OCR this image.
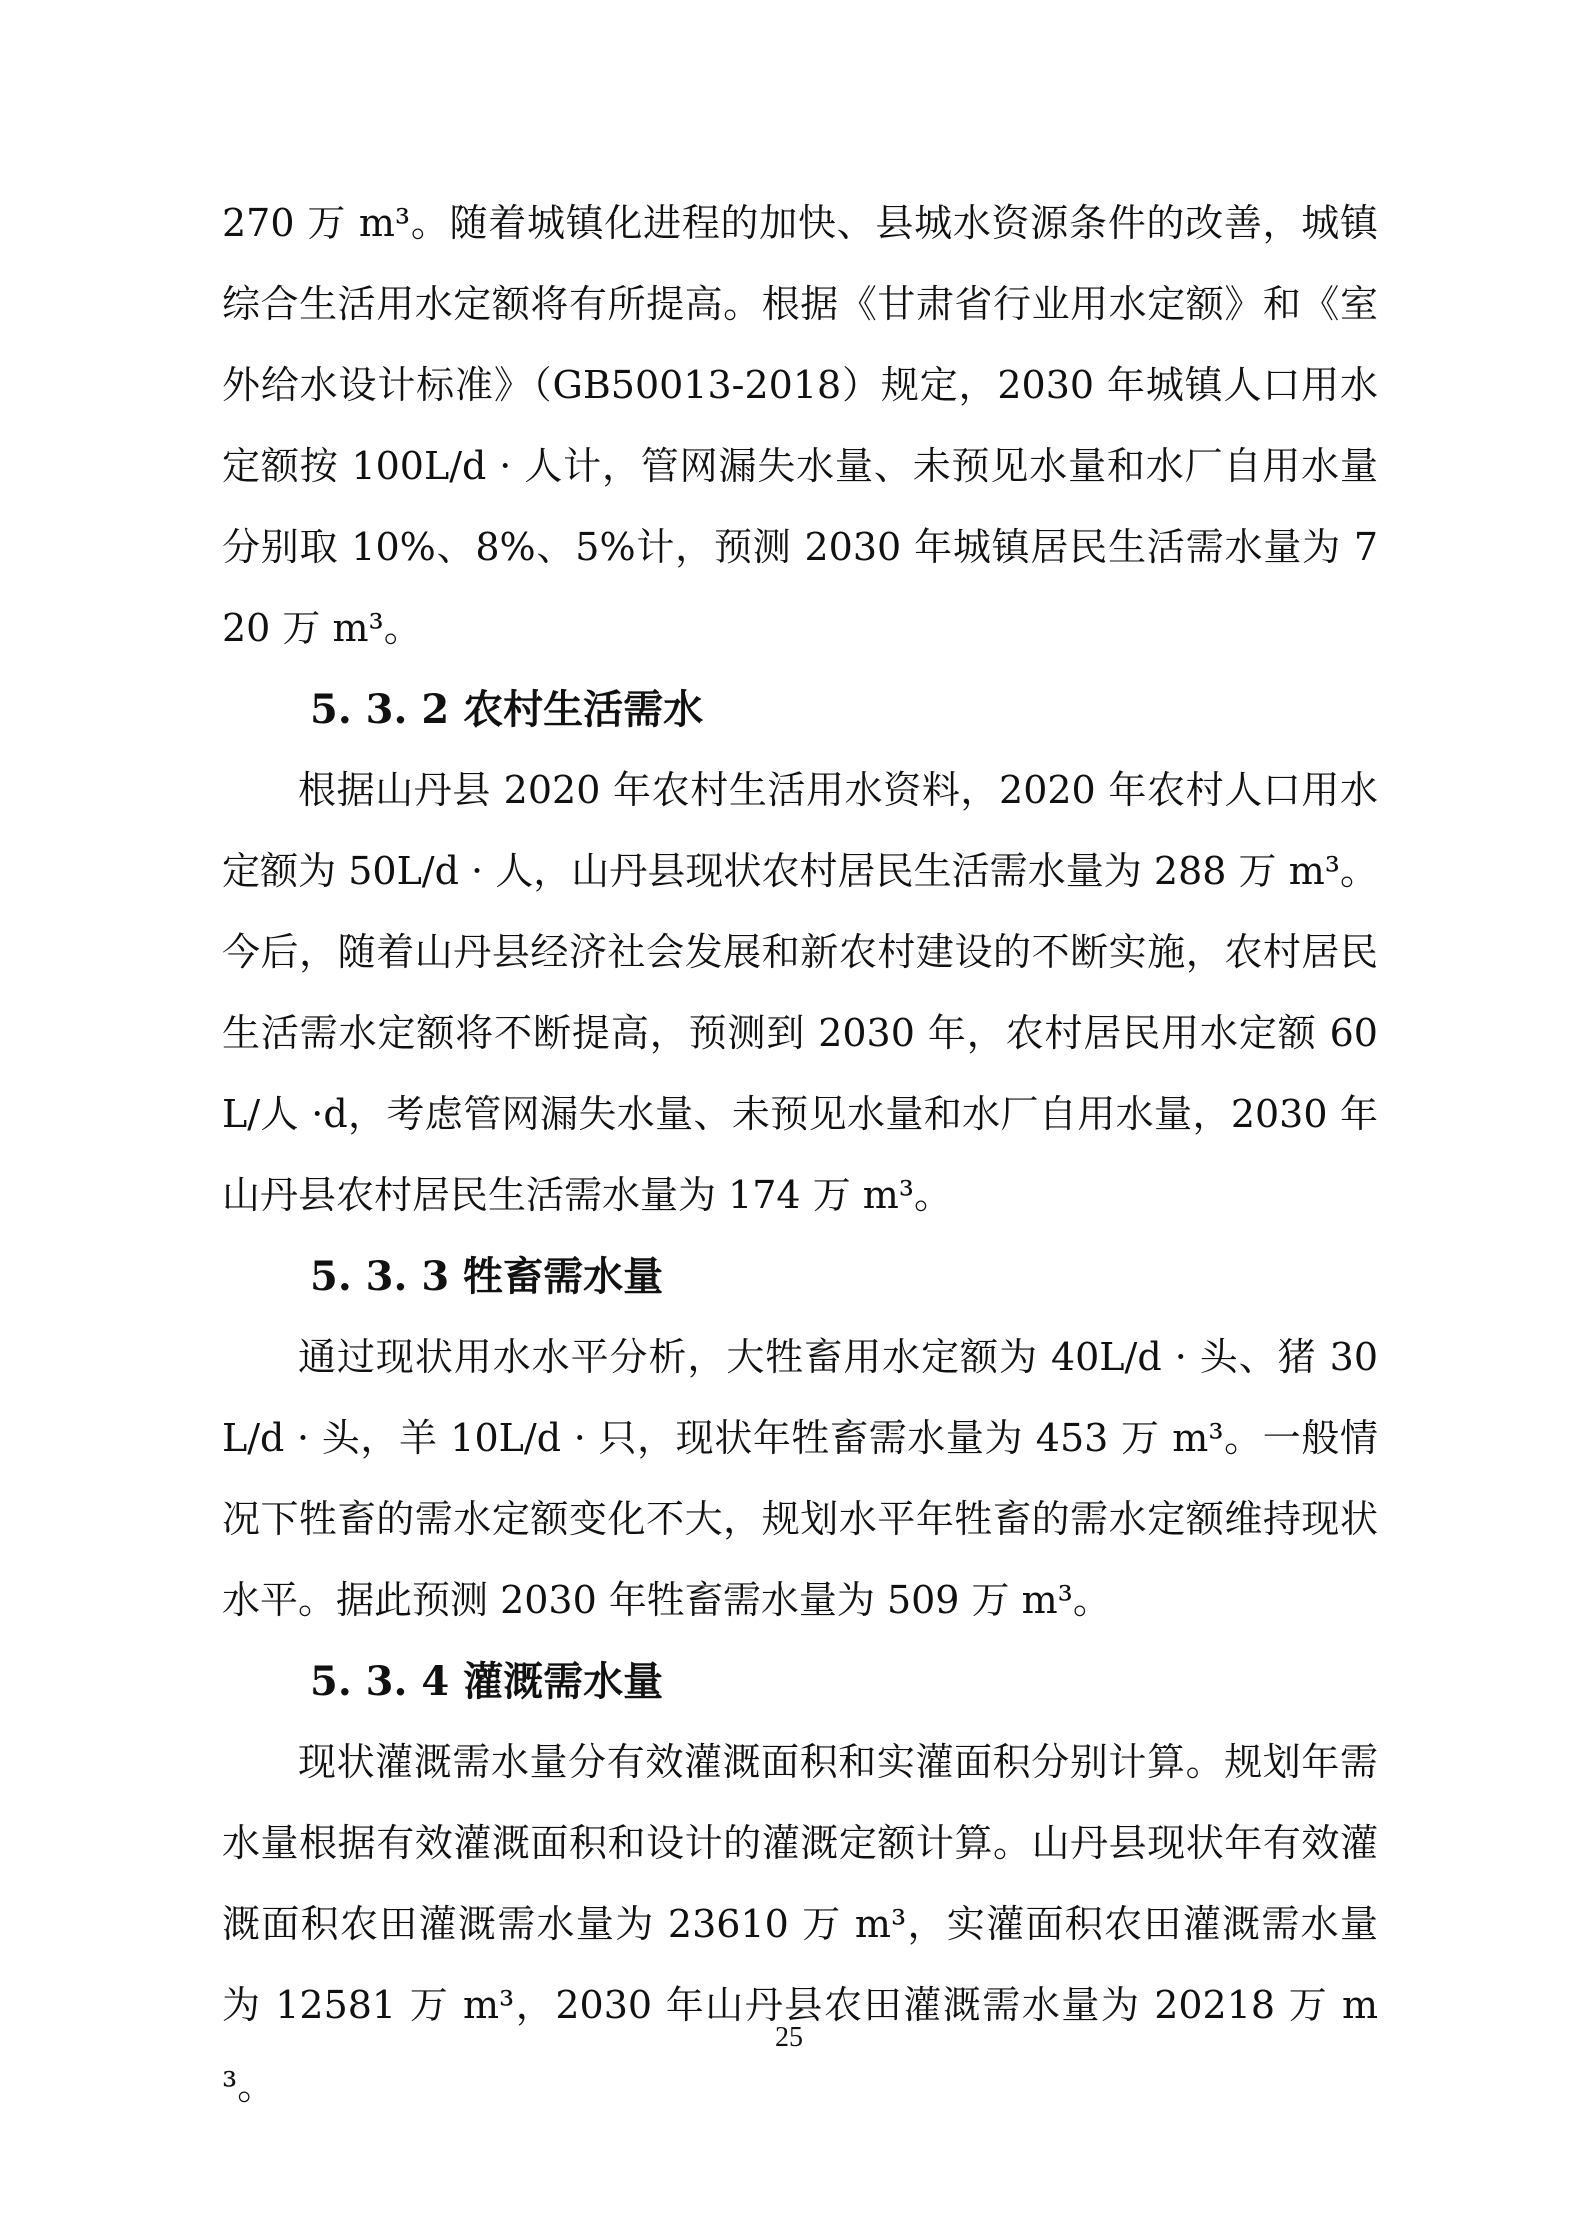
270 万 m³。随着城镇化进程的加快、县城水资源条件的改善，城镇综合生活用水定额将有所提高。根据《甘肃省行业用水定额》和《室外给水设计标准》（GB50013-2018）规定，2030 年城镇人口用水定额按 100L/d · 人计，管网漏失水量、未预见水量和水厂自用水量分别取 10%、8%、5%计，预测 2030 年城镇居民生活需水量为 720 万 m³。

5. 3. 2 农村生活需水

根据山丹县 2020 年农村生活用水资料，2020 年农村人口用水定额为 50L/d · 人，山丹县现状农村居民生活需水量为 288 万 m³。今后，随着山丹县经济社会发展和新农村建设的不断实施，农村居民生活需水定额将不断提高，预测到 2030 年，农村居民用水定额 60L/人 ·d，考虑管网漏失水量、未预见水量和水厂自用水量，2030 年山丹县农村居民生活需水量为 174 万 m³。

5. 3. 3 牲畜需水量

通过现状用水水平分析，大牲畜用水定额为 40L/d · 头、猪 30L/d · 头，羊 10L/d · 只，现状年牲畜需水量为 453 万 m³。一般情况下牲畜的需水定额变化不大，规划水平年牲畜的需水定额维持现状水平。据此预测 2030 年牲畜需水量为 509 万 m³。

5. 3. 4 灌溉需水量

现状灌溉需水量分有效灌溉面积和实灌面积分别计算。规划年需水量根据有效灌溉面积和设计的灌溉定额计算。山丹县现状年有效灌溉面积农田灌溉需水量为 23610 万 m³，实灌面积农田灌溉需水量为 12581 万 m³，2030 年山丹县农田灌溉需水量为 20218 万 m³。

25
